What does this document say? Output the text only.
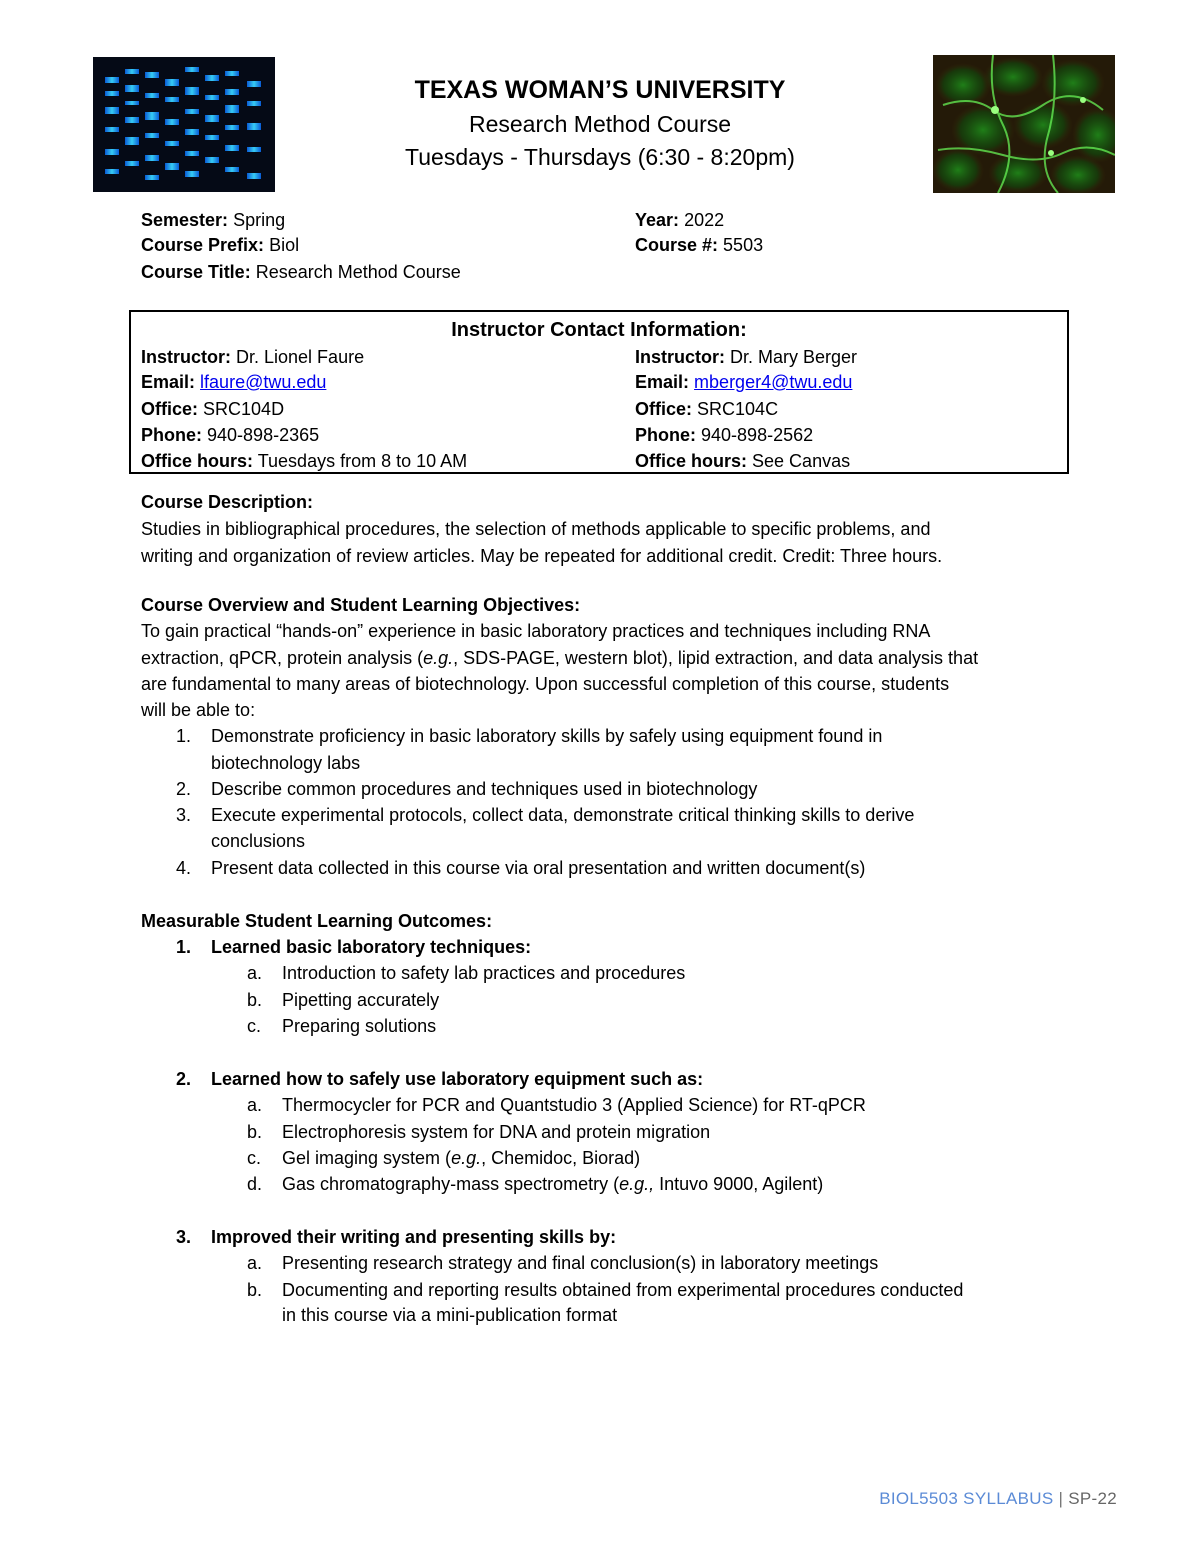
TEXAS WOMAN’S UNIVERSITY
Research Method Course
Tuesdays - Thursdays (6:30 - 8:20pm)
Semester: Spring	Year: 2022
Course Prefix: Biol	Course #: 5503
Course Title: Research Method Course
Instructor Contact Information:
Instructor: Dr. Lionel Faure
Email: lfaure@twu.edu
Office: SRC104D
Phone: 940-898-2365
Office hours: Tuesdays from 8 to 10 AM
Instructor: Dr. Mary Berger
Email: mberger4@twu.edu
Office: SRC104C
Phone: 940-898-2562
Office hours: See Canvas
Course Description:
Studies in bibliographical procedures, the selection of methods applicable to specific problems, and
writing and organization of review articles. May be repeated for additional credit. Credit: Three hours.
Course Overview and Student Learning Objectives:
To gain practical “hands-on” experience in basic laboratory practices and techniques including RNA
extraction, qPCR, protein analysis (e.g., SDS-PAGE, western blot), lipid extraction, and data analysis that
are fundamental to many areas of biotechnology. Upon successful completion of this course, students
will be able to:
1. Demonstrate proficiency in basic laboratory skills by safely using equipment found in
biotechnology labs
2. Describe common procedures and techniques used in biotechnology
3. Execute experimental protocols, collect data, demonstrate critical thinking skills to derive
conclusions
4. Present data collected in this course via oral presentation and written document(s)
Measurable Student Learning Outcomes:
1. Learned basic laboratory techniques:
a. Introduction to safety lab practices and procedures
b. Pipetting accurately
c. Preparing solutions
2. Learned how to safely use laboratory equipment such as:
a. Thermocycler for PCR and Quantstudio 3 (Applied Science) for RT-qPCR
b. Electrophoresis system for DNA and protein migration
c. Gel imaging system (e.g., Chemidoc, Biorad)
d. Gas chromatography-mass spectrometry (e.g., Intuvo 9000, Agilent)
3. Improved their writing and presenting skills by:
a. Presenting research strategy and final conclusion(s) in laboratory meetings
b. Documenting and reporting results obtained from experimental procedures conducted
in this course via a mini-publication format
BIOL5503 SYLLABUS | SP-22
